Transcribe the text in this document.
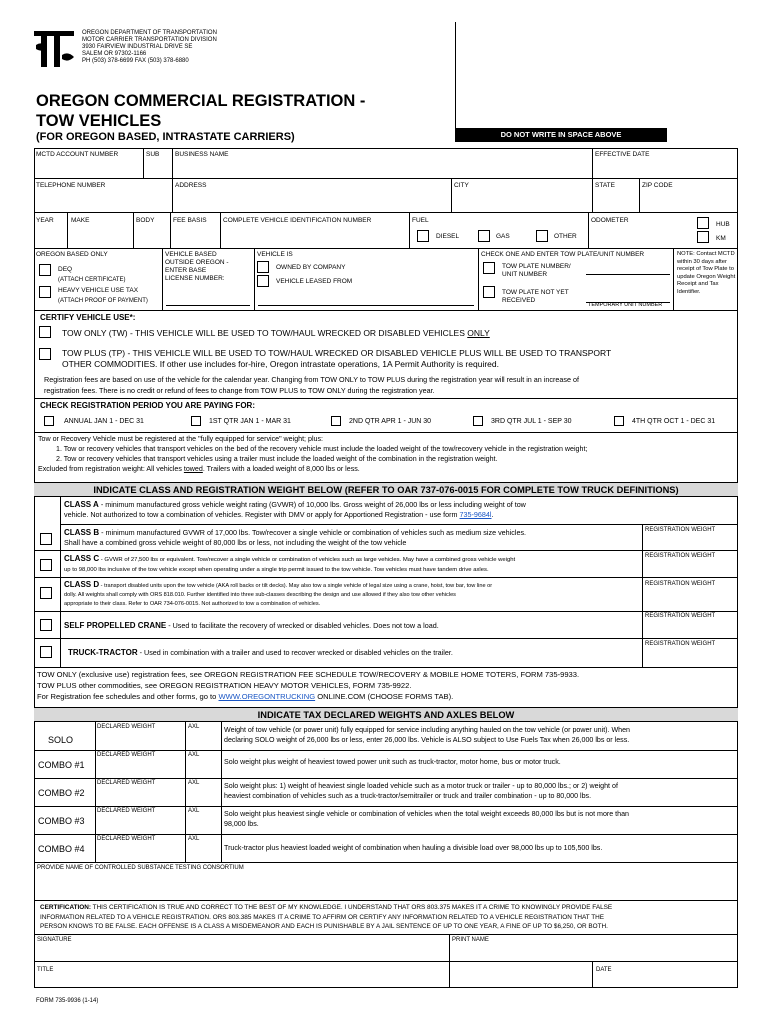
OREGON DEPARTMENT OF TRANSPORTATION
MOTOR CARRIER TRANSPORTATION DIVISION
3930 FAIRVIEW INDUSTRIAL DRIVE SE
SALEM OR 97302-1166
PH (503) 378-6699 FAX (503) 378-6880
OREGON COMMERCIAL REGISTRATION -
TOW VEHICLES
(FOR OREGON BASED, INTRASTATE CARRIERS)	DO NOT WRITE IN SPACE ABOVE
MCTD ACCOUNT NUMBER	SUB BUSINESS NAME	EFFECTIVE DATE
TELEPHONE NUMBER	ADDRESS	CITY	STATE	ZIP CODE
YEAR	MAKE	BODY	FEE BASIS	COMPLETE VEHICLE IDENTIFICATION NUMBER	FUEL
DIESEL	GAS	OTHER
ODOMETER
HUB
KM
OREGON BASED ONLY
DEQ
(ATTACH CERTIFICATE)
HEAVY VEHICLE USE TAX
(ATTACH PROOF OF PAYMENT)
VEHICLE BASED
OUTSIDE OREGON -
ENTER BASE
LICENSE NUMBER:
VEHICLE IS
OWNED BY COMPANY
VEHICLE LEASED FROM
CHECK ONE AND ENTER TOW PLATE/UNIT NUMBER
TOW PLATE NUMBER/
UNIT NUMBER
TOW PLATE NOT YET
RECEIVED
TEMPORARY UNIT NUMBER
NOTE: Contact MCTD within 30 days after receipt of Tow Plate to update Oregon Weight Receipt and Tax Identifier.
CERTIFY VEHICLE USE*:
TOW ONLY (TW) - THIS VEHICLE WILL BE USED TO TOW/HAUL WRECKED OR DISABLED VEHICLES ONLY
TOW PLUS (TP) - THIS VEHICLE WILL BE USED TO TOW/HAUL WRECKED OR DISABLED VEHICLE PLUS WILL BE USED TO TRANSPORT
OTHER COMMODITIES. If other use includes for-hire, Oregon intrastate operations, 1A Permit Authority is required.
Registration fees are based on use of the vehicle for the calendar year. Changing from TOW ONLY to TOW PLUS during the registration year will result in an increase of
registration fees. There is no credit or refund of fees to change from TOW PLUS to TOW ONLY during the registration year.
CHECK REGISTRATION PERIOD YOU ARE PAYING FOR:
ANNUAL JAN 1 - DEC 31	1ST QTR JAN 1 - MAR 31	2ND QTR APR 1 - JUN 30	3RD QTR JUL 1 - SEP 30	4TH QTR OCT 1 - DEC 31
Tow or Recovery Vehicle must be registered at the "fully equipped for service" weight; plus:
1. Tow or recovery vehicles that transport vehicles on the bed of the recovery vehicle must include the loaded weight of the tow/recovery vehicle in the registration weight;
2. Tow or recovery vehicles that transport vehicles using a trailer must include the loaded weight of the combination in the registration weight.
Excluded from registration weight: All vehicles towed. Trailers with a loaded weight of 8,000 lbs or less.
INDICATE CLASS AND REGISTRATION WEIGHT BELOW (REFER TO OAR 737-076-0015 FOR COMPLETE TOW TRUCK DEFINITIONS)
CLASS A - minimum manufactured gross vehicle weight rating (GVWR) of 10,000 lbs. Gross weight of 26,000 lbs or less including weight of tow
vehicle. Not authorized to tow a combination of vehicles. Register with DMV or apply for Apportioned Registration - use form 735-9684l.
CLASS B - minimum manufactured GVWR of 17,000 lbs. Tow/recover a single vehicle or combination of vehicles such as medium size vehicles.
Shall have a combined gross vehicle weight of 80,000 lbs or less, not including the weight of the tow vehicle
REGISTRATION WEIGHT
CLASS C - GVWR of 27,500 lbs or equivalent. Tow/recover a single vehicle or combination of vehicles such as large vehicles. May have a combined gross vehicle weight
up to 98,000 lbs inclusive of the tow vehicle except when operating under a single trip permit issued to the tow vehicle. Tow vehicles must have tandem drive axles.
REGISTRATION WEIGHT
CLASS D - transport disabled units upon the tow vehicle (AKA roll backs or tilt decks). May also tow a single vehicle of legal size using a crane, hoist, tow bar, tow line or
dolly. All weights shall comply with ORS 818.010. Further identified into three sub-classes describing the design and use allowed if they also tow other vehicles
appropriate to their class. Refer to OAR 734-076-0015. Not authorized to tow a combination of vehicles.
REGISTRATION WEIGHT
SELF PROPELLED CRANE - Used to facilitate the recovery of wrecked or disabled vehicles. Does not tow a load.
REGISTRATION WEIGHT
TRUCK-TRACTOR - Used in combination with a trailer and used to recover wrecked or disabled vehicles on the trailer.
REGISTRATION WEIGHT
TOW ONLY (exclusive use) registration fees, see OREGON REGISTRATION FEE SCHEDULE TOW/RECOVERY & MOBILE HOME TOTERS, FORM 735-9933.
TOW PLUS other commodities, see OREGON REGISTRATION HEAVY MOTOR VEHICLES, FORM 735-9922.
For Registration fee schedules and other forms, go to WWW.OREGONTRUCKING ONLINE.COM (CHOOSE FORMS TAB).
INDICATE TAX DECLARED WEIGHTS AND AXLES BELOW
SOLO
DECLARED WEIGHT	AXL	Weight of tow vehicle (or power unit) fully equipped for service including anything hauled on the tow vehicle (or power unit). When
declaring SOLO weight of 26,000 lbs or less, enter 26,000 lbs. Vehicle is ALSO subject to Use Fuels Tax when 26,000 lbs or less.
COMBO #1
DECLARED WEIGHT	AXL
Solo weight plus weight of heaviest towed power unit such as truck-tractor, motor home, bus or motor truck.
COMBO #2
DECLARED WEIGHT	AXL	Solo weight plus: 1) weight of heaviest single loaded vehicle such as a motor truck or trailer - up to 80,000 lbs.; or 2) weight of
heaviest combination of vehicles such as a truck-tractor/semitrailer or truck and trailer combination - up to 80,000 lbs.
COMBO #3
DECLARED WEIGHT	AXL	Solo weight plus heaviest single vehicle or combination of vehicles when the total weight exceeds 80,000 lbs but is not more than
98,000 lbs.
COMBO #4
DECLARED WEIGHT	AXL
Truck-tractor plus heaviest loaded weight of combination when hauling a divisible load over 98,000 lbs up to 105,500 lbs.
PROVIDE NAME OF CONTROLLED SUBSTANCE TESTING CONSORTIUM
CERTIFICATION: THIS CERTIFICATION IS TRUE AND CORRECT TO THE BEST OF MY KNOWLEDGE. I UNDERSTAND THAT ORS 803.375 MAKES IT A CRIME TO KNOWINGLY PROVIDE FALSE
INFORMATION RELATED TO A VEHICLE REGISTRATION. ORS 803.385 MAKES IT A CRIME TO AFFIRM OR CERTIFY ANY INFORMATION RELATED TO A VEHICLE REGISTRATION THAT THE
PERSON KNOWS TO BE FALSE. EACH OFFENSE IS A CLASS A MISDEMEANOR AND EACH IS PUNISHABLE BY A JAIL SENTENCE OF UP TO ONE YEAR, A FINE OF UP TO $6,250, OR BOTH.
SIGNATURE	PRINT NAME
TITLE	DATE
FORM 735-9936 (1-14)
